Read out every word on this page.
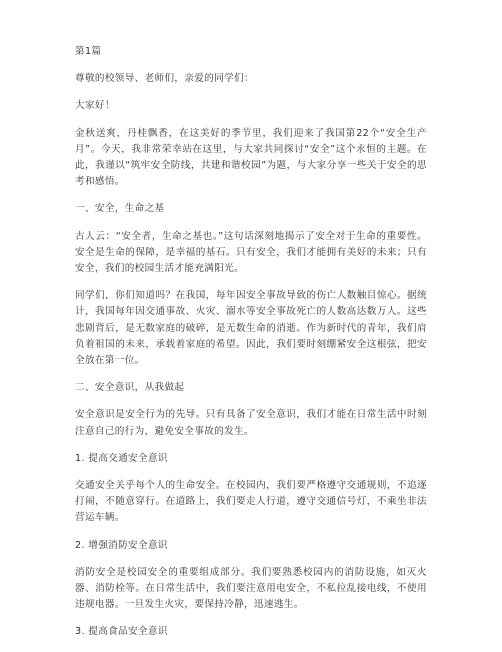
第1篇

尊敬的校领导、老师们，亲爱的同学们：

大家好！

金秋送爽，丹桂飘香，在这美好的季节里，我们迎来了我国第22个“安全生产月”。今天，我非常荣幸站在这里，与大家共同探讨“安全”这个永恒的主题。在此，我谨以“筑牢安全防线，共建和谐校园”为题，与大家分享一些关于安全的思考和感悟。

一、安全，生命之基

古人云：“安全者，生命之基也。”这句话深刻地揭示了安全对于生命的重要性。安全是生命的保障，是幸福的基石。只有安全，我们才能拥有美好的未来；只有安全，我们的校园生活才能充满阳光。

同学们，你们知道吗？在我国，每年因安全事故导致的伤亡人数触目惊心。据统计，我国每年因交通事故、火灾、溺水等安全事故死亡的人数高达数万人。这些悲剧背后，是无数家庭的破碎，是无数生命的消逝。作为新时代的青年，我们肩负着祖国的未来，承载着家庭的希望。因此，我们要时刻绷紧安全这根弦，把安全放在第一位。

二、安全意识，从我做起

安全意识是安全行为的先导。只有具备了安全意识，我们才能在日常生活中时刻注意自己的行为，避免安全事故的发生。

1. 提高交通安全意识

交通安全关乎每个人的生命安全。在校园内，我们要严格遵守交通规则，不追逐打闹，不随意穿行。在道路上，我们要走人行道，遵守交通信号灯，不乘坐非法营运车辆。

2. 增强消防安全意识

消防安全是校园安全的重要组成部分。我们要熟悉校园内的消防设施，如灭火器、消防栓等。在日常生活中，我们要注意用电安全，不私拉乱接电线，不使用违规电器。一旦发生火灾，要保持冷静，迅速逃生。

3. 提高食品安全意识
